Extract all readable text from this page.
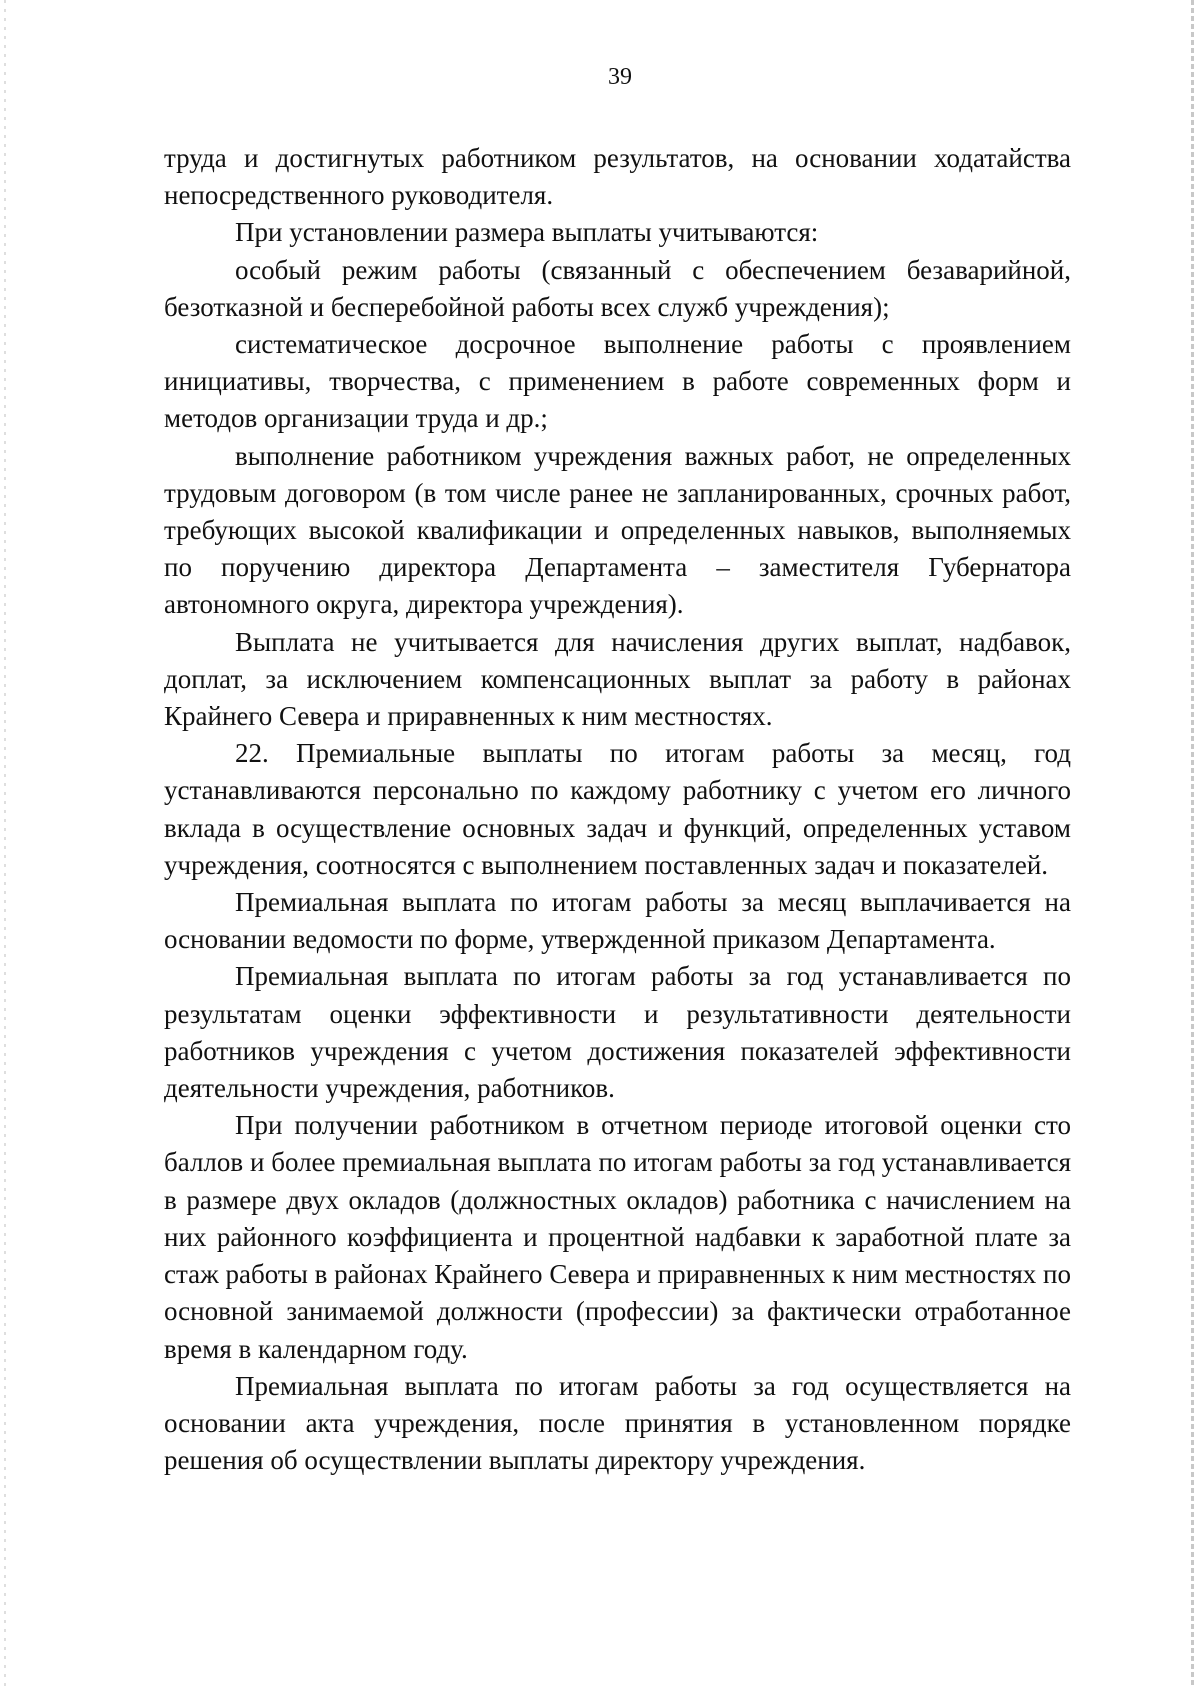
39

труда и достигнутых работником результатов, на основании ходатайства непосредственного руководителя.

При установлении размера выплаты учитываются:

особый режим работы (связанный с обеспечением безаварийной, безотказной и бесперебойной работы всех служб учреждения);

систематическое досрочное выполнение работы с проявлением инициативы, творчества, с применением в работе современных форм и методов организации труда и др.;

выполнение работником учреждения важных работ, не определенных трудовым договором (в том числе ранее не запланированных, срочных работ, требующих высокой квалификации и определенных навыков, выполняемых по поручению директора Департамента – заместителя Губернатора автономного округа, директора учреждения).

Выплата не учитывается для начисления других выплат, надбавок, доплат, за исключением компенсационных выплат за работу в районах Крайнего Севера и приравненных к ним местностях.

22. Премиальные выплаты по итогам работы за месяц, год устанавливаются персонально по каждому работнику с учетом его личного вклада в осуществление основных задач и функций, определенных уставом учреждения, соотносятся с выполнением поставленных задач и показателей.

Премиальная выплата по итогам работы за месяц выплачивается на основании ведомости по форме, утвержденной приказом Департамента.

Премиальная выплата по итогам работы за год устанавливается по результатам оценки эффективности и результативности деятельности работников учреждения с учетом достижения показателей эффективности деятельности учреждения, работников.

При получении работником в отчетном периоде итоговой оценки сто баллов и более премиальная выплата по итогам работы за год устанавливается в размере двух окладов (должностных окладов) работника с начислением на них районного коэффициента и процентной надбавки к заработной плате за стаж работы в районах Крайнего Севера и приравненных к ним местностях по основной занимаемой должности (профессии) за фактически отработанное время в календарном году.

Премиальная выплата по итогам работы за год осуществляется на основании акта учреждения, после принятия в установленном порядке решения об осуществлении выплаты директору учреждения.
